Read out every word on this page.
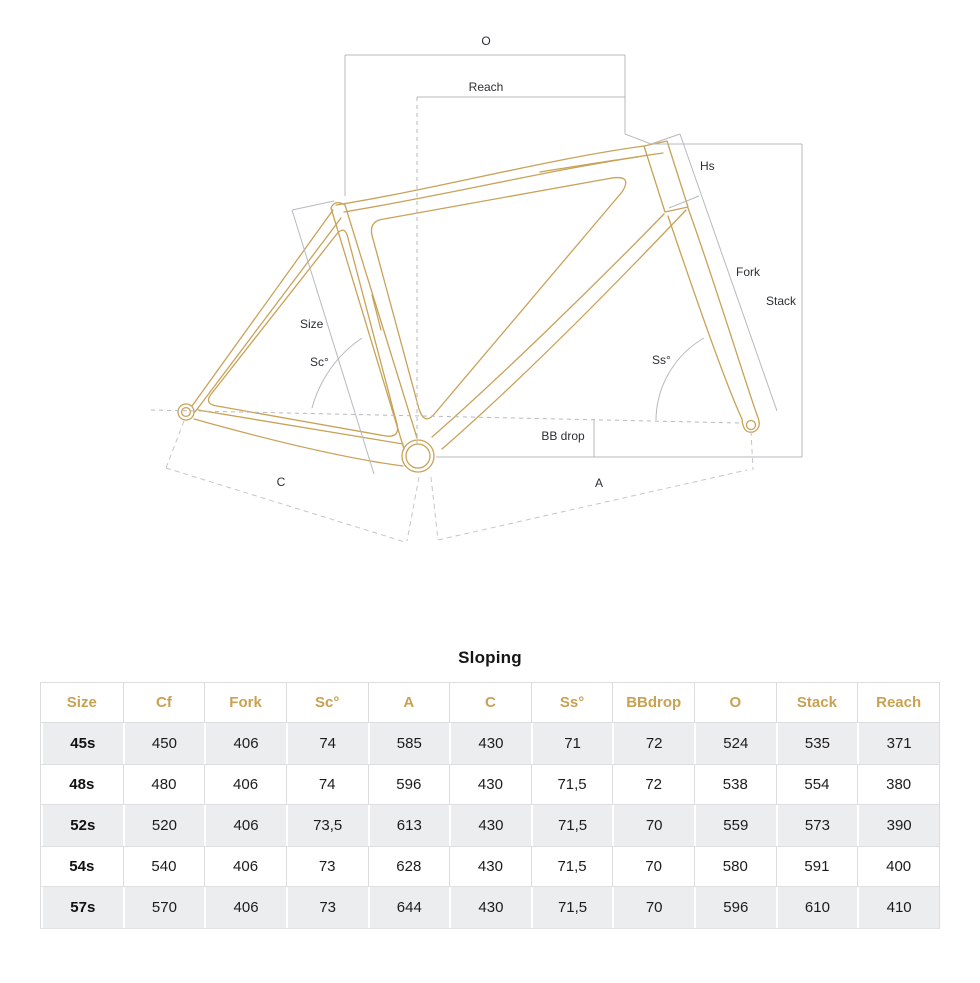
O
Reach
Hs
Fork
Stack
Size
Sc°	Ss°
BB drop
C	A
Sloping
Size	Cf	Fork	Sc°	A	C	Ss°	BBdrop	O	Stack	Reach
45s	450	406	74	585	430	71	72	524	535	371
48s	480	406	74	596	430	71,5	72	538	554	380
52s	520	406	73,5	613	430	71,5	70	559	573	390
54s	540	406	73	628	430	71,5	70	580	591	400
57s	570	406	73	644	430	71,5	70	596	610	410
